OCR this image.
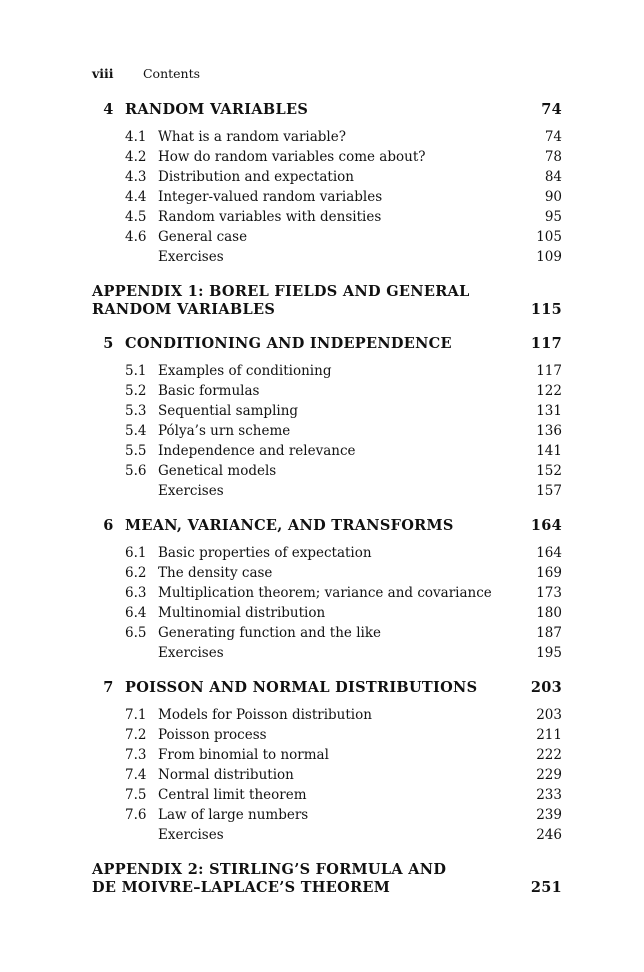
viii Contents
4 RANDOM VARIABLES	74
4.1 What is a random variable?	74
4.2 How do random variables come about?	78
4.3 Distribution and expectation	84
4.4 Integer-valued random variables	90
4.5 Random variables with densities	95
4.6 General case	105
Exercises	109
APPENDIX 1: BOREL FIELDS AND GENERAL
RANDOM VARIABLES	115
5 CONDITIONING AND INDEPENDENCE	117
5.1 Examples of conditioning	117
5.2 Basic formulas	122
5.3 Sequential sampling	131
5.4 Pólya’s urn scheme	136
5.5 Independence and relevance	141
5.6 Genetical models	152
Exercises	157
6 MEAN, VARIANCE, AND TRANSFORMS	164
6.1 Basic properties of expectation	164
6.2 The density case	169
6.3 Multiplication theorem; variance and covariance	173
6.4 Multinomial distribution	180
6.5 Generating function and the like	187
Exercises	195
7 POISSON AND NORMAL DISTRIBUTIONS	203
7.1 Models for Poisson distribution	203
7.2 Poisson process	211
7.3 From binomial to normal	222
7.4 Normal distribution	229
7.5 Central limit theorem	233
7.6 Law of large numbers	239
Exercises	246
APPENDIX 2: STIRLING’S FORMULA AND
DE MOIVRE–LAPLACE’S THEOREM	251
